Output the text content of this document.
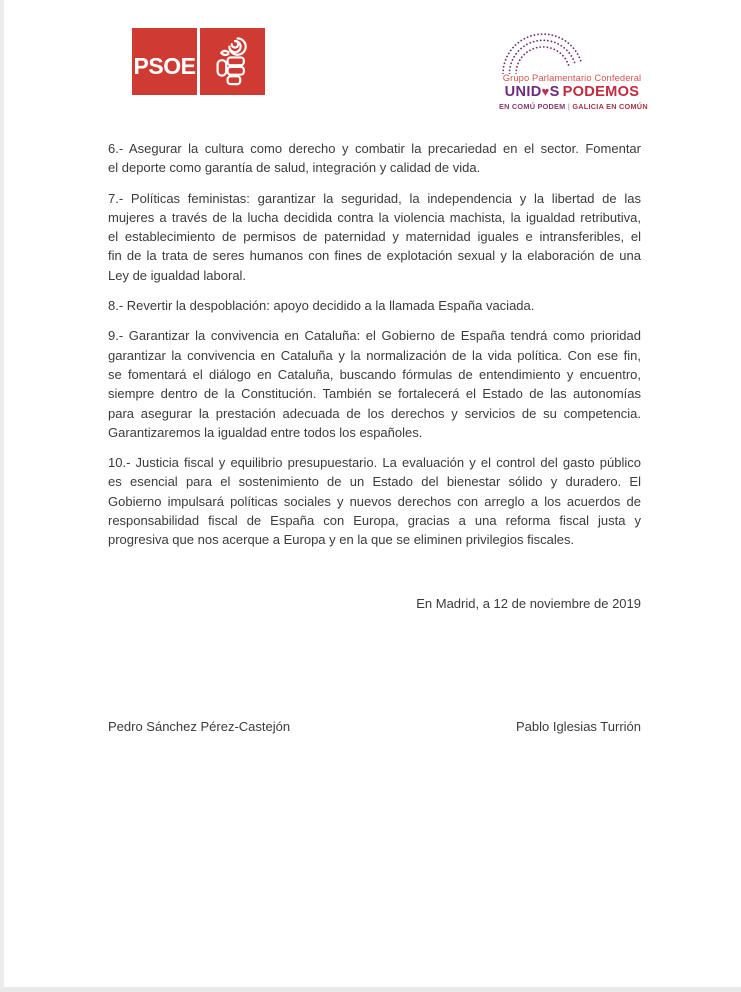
PSOE	Grupo Parlamentario Confederal
UNID♥S PODEMOS
EN COMÚ PODEM | GALICIA EN COMÚN
6.- Asegurar la cultura como derecho y combatir la precariedad en el sector. Fomentar
el deporte como garantía de salud, integración y calidad de vida.
7.- Políticas feministas: garantizar la seguridad, la independencia y la libertad de las
mujeres a través de la lucha decidida contra la violencia machista, la igualdad retributiva,
el establecimiento de permisos de paternidad y maternidad iguales e intransferibles, el
fin de la trata de seres humanos con fines de explotación sexual y la elaboración de una
Ley de igualdad laboral.
8.- Revertir la despoblación: apoyo decidido a la llamada España vaciada.
9.- Garantizar la convivencia en Cataluña: el Gobierno de España tendrá como prioridad
garantizar la convivencia en Cataluña y la normalización de la vida política. Con ese fin,
se fomentará el diálogo en Cataluña, buscando fórmulas de entendimiento y encuentro,
siempre dentro de la Constitución. También se fortalecerá el Estado de las autonomías
para asegurar la prestación adecuada de los derechos y servicios de su competencia.
Garantizaremos la igualdad entre todos los españoles.
10.- Justicia fiscal y equilibrio presupuestario. La evaluación y el control del gasto público
es esencial para el sostenimiento de un Estado del bienestar sólido y duradero. El
Gobierno impulsará políticas sociales y nuevos derechos con arreglo a los acuerdos de
responsabilidad fiscal de España con Europa, gracias a una reforma fiscal justa y
progresiva que nos acerque a Europa y en la que se eliminen privilegios fiscales.
En Madrid, a 12 de noviembre de 2019
Pedro Sánchez Pérez-Castejón	Pablo Iglesias Turrión
